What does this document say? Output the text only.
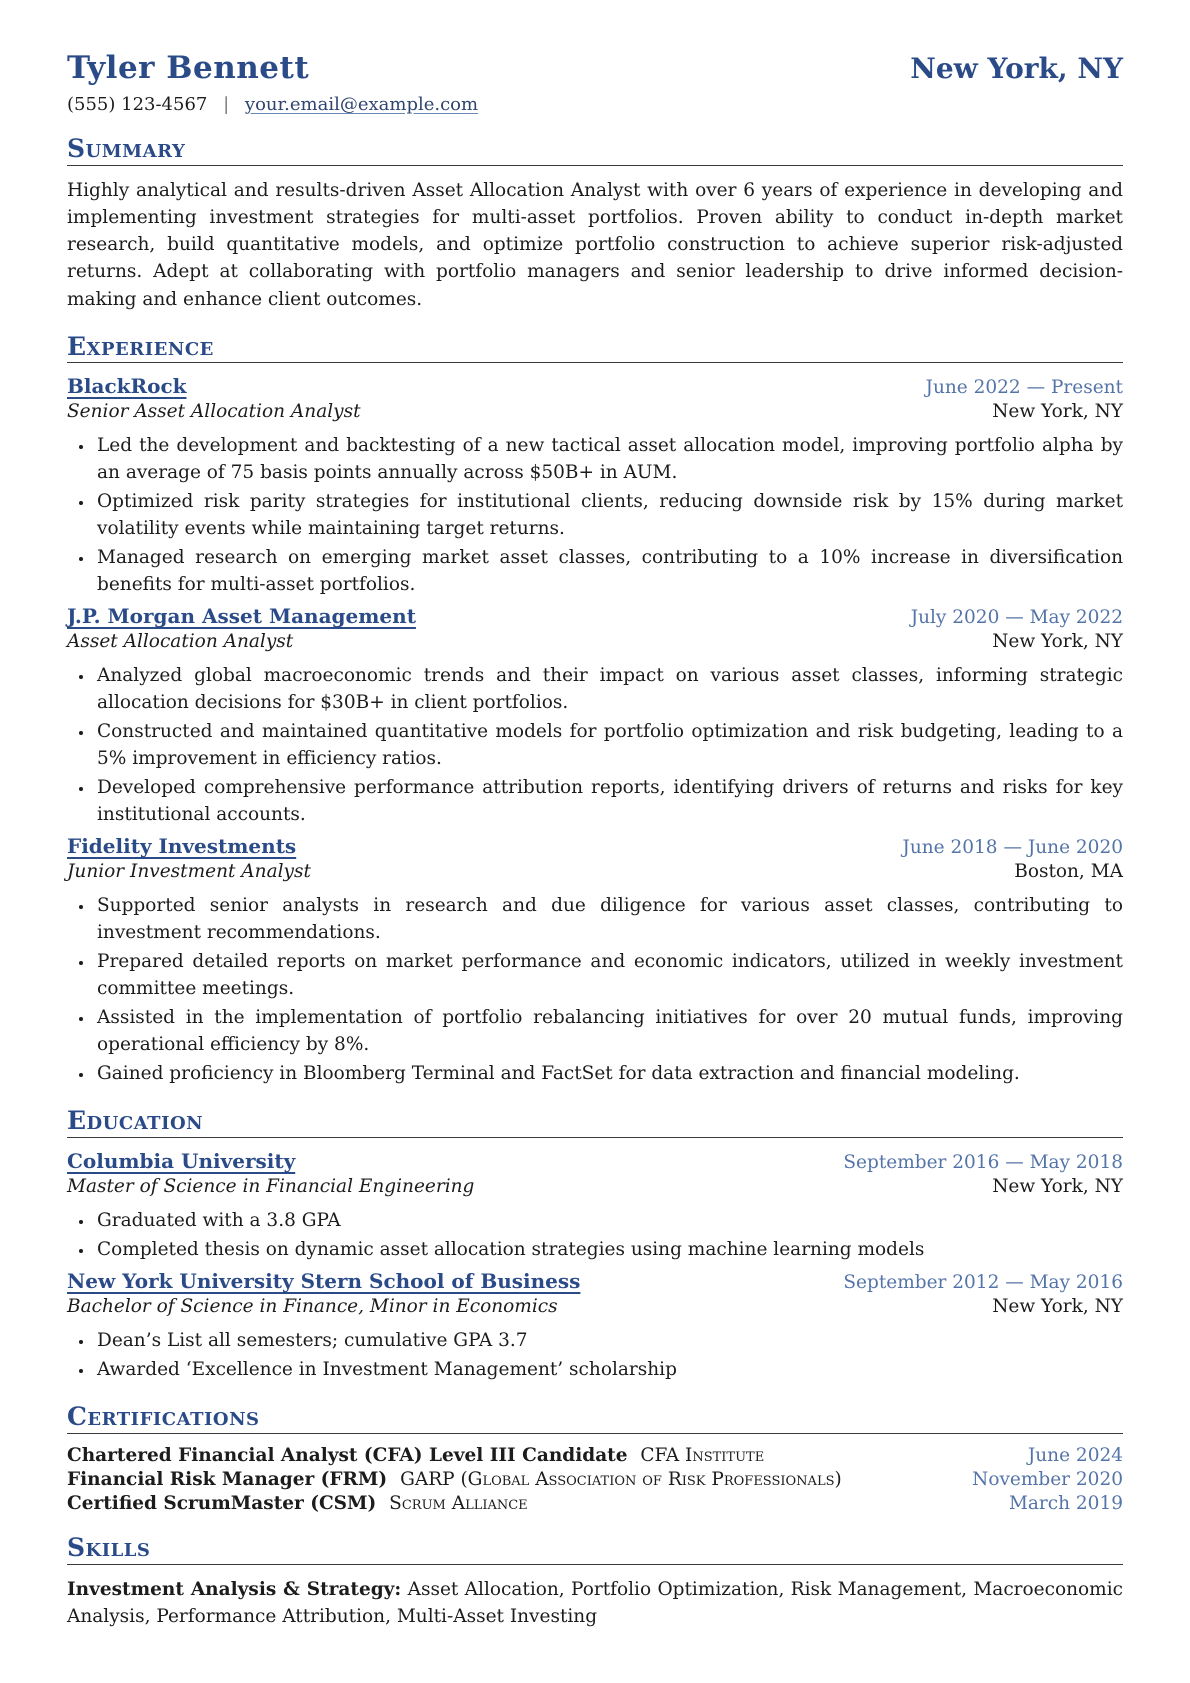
Tyler Bennett	New York, NY
(555) 123-4567 | your.email@example.com
Summary

Highly analytical and results-driven Asset Allocation Analyst with over 6 years of experience in developing and implementing investment strategies for multi-asset portfolios. Proven ability to conduct in-depth market research, build quantitative models, and optimize portfolio construction to achieve superior risk-adjusted returns. Adept at collaborating with portfolio managers and senior leadership to drive informed decision-making and enhance client outcomes.

Experience
BlackRock	June 2022 — Present
Senior Asset Allocation Analyst	New York, NY
• Led the development and backtesting of a new tactical asset allocation model, improving portfolio alpha by an average of 75 basis points annually across $50B+ in AUM.
• Optimized risk parity strategies for institutional clients, reducing downside risk by 15% during market volatility events while maintaining target returns.
• Managed research on emerging market asset classes, contributing to a 10% increase in diversification benefits for multi-asset portfolios.
J.P. Morgan Asset Management	July 2020 — May 2022
Asset Allocation Analyst	New York, NY
• Analyzed global macroeconomic trends and their impact on various asset classes, informing strategic allocation decisions for $30B+ in client portfolios.
• Constructed and maintained quantitative models for portfolio optimization and risk budgeting, leading to a 5% improvement in efficiency ratios.
• Developed comprehensive performance attribution reports, identifying drivers of returns and risks for key institutional accounts.
Fidelity Investments	June 2018 — June 2020
Junior Investment Analyst	Boston, MA
• Supported senior analysts in research and due diligence for various asset classes, contributing to investment recommendations.
• Prepared detailed reports on market performance and economic indicators, utilized in weekly investment committee meetings.
• Assisted in the implementation of portfolio rebalancing initiatives for over 20 mutual funds, improving operational efficiency by 8%.
• Gained proficiency in Bloomberg Terminal and FactSet for data extraction and financial modeling.
Education
Columbia University	September 2016 — May 2018
Master of Science in Financial Engineering	New York, NY
• Graduated with a 3.8 GPA
• Completed thesis on dynamic asset allocation strategies using machine learning models
New York University Stern School of Business	September 2012 — May 2016
Bachelor of Science in Finance, Minor in Economics	New York, NY
• Dean’s List all semesters; cumulative GPA 3.7
• Awarded ‘Excellence in Investment Management’ scholarship
Certifications
Chartered Financial Analyst (CFA) Level III Candidate CFA Institute	June 2024
Financial Risk Manager (FRM) GARP (Global Association of Risk Professionals)	November 2020
Certified ScrumMaster (CSM) Scrum Alliance	March 2019
Skills

Investment Analysis & Strategy: Asset Allocation, Portfolio Optimization, Risk Management, Macroeconomic Analysis, Performance Attribution, Multi-Asset Investing
